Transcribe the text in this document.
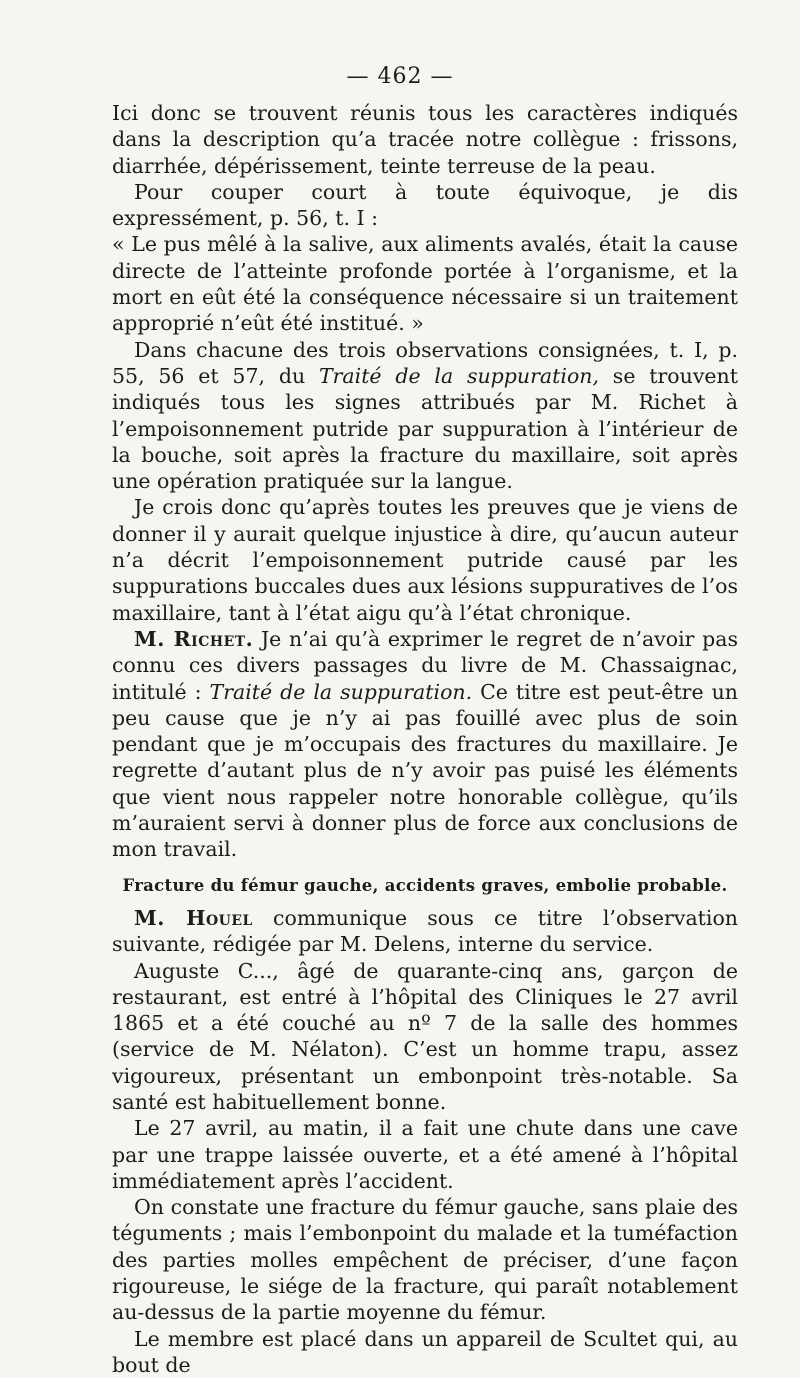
— 462 —

Ici donc se trouvent réunis tous les caractères indiqués dans la description qu’a tracée notre collègue : frissons, diarrhée, dépérissement, teinte terreuse de la peau.

Pour couper court à toute équivoque, je dis expressément, p. 56, t. I :

« Le pus mêlé à la salive, aux aliments avalés, était la cause directe de l’atteinte profonde portée à l’organisme, et la mort en eût été la conséquence nécessaire si un traitement approprié n’eût été institué. »

Dans chacune des trois observations consignées, t. I, p. 55, 56 et 57, du Traité de la suppuration, se trouvent indiqués tous les signes attribués par M. Richet à l’empoisonnement putride par suppuration à l’intérieur de la bouche, soit après la fracture du maxillaire, soit après une opération pratiquée sur la langue.

Je crois donc qu’après toutes les preuves que je viens de donner il y aurait quelque injustice à dire, qu’aucun auteur n’a décrit l’empoisonnement putride causé par les suppurations buccales dues aux lésions suppuratives de l’os maxillaire, tant à l’état aigu qu’à l’état chronique.

M. Richet. Je n’ai qu’à exprimer le regret de n’avoir pas connu ces divers passages du livre de M. Chassaignac, intitulé : Traité de la suppuration. Ce titre est peut-être un peu cause que je n’y ai pas fouillé avec plus de soin pendant que je m’occupais des fractures du maxillaire. Je regrette d’autant plus de n’y avoir pas puisé les éléments que vient nous rappeler notre honorable collègue, qu’ils m’auraient servi à donner plus de force aux conclusions de mon travail.

Fracture du fémur gauche, accidents graves, embolie probable.

M. Houel communique sous ce titre l’observation suivante, rédigée par M. Delens, interne du service.

Auguste C..., âgé de quarante-cinq ans, garçon de restaurant, est entré à l’hôpital des Cliniques le 27 avril 1865 et a été couché au nº 7 de la salle des hommes (service de M. Nélaton). C’est un homme trapu, assez vigoureux, présentant un embonpoint très-notable. Sa santé est habituellement bonne.

Le 27 avril, au matin, il a fait une chute dans une cave par une trappe laissée ouverte, et a été amené à l’hôpital immédiatement après l’accident.

On constate une fracture du fémur gauche, sans plaie des téguments ; mais l’embonpoint du malade et la tuméfaction des parties molles empêchent de préciser, d’une façon rigoureuse, le siége de la fracture, qui paraît notablement au-dessus de la partie moyenne du fémur.

Le membre est placé dans un appareil de Scultet qui, au bout de
